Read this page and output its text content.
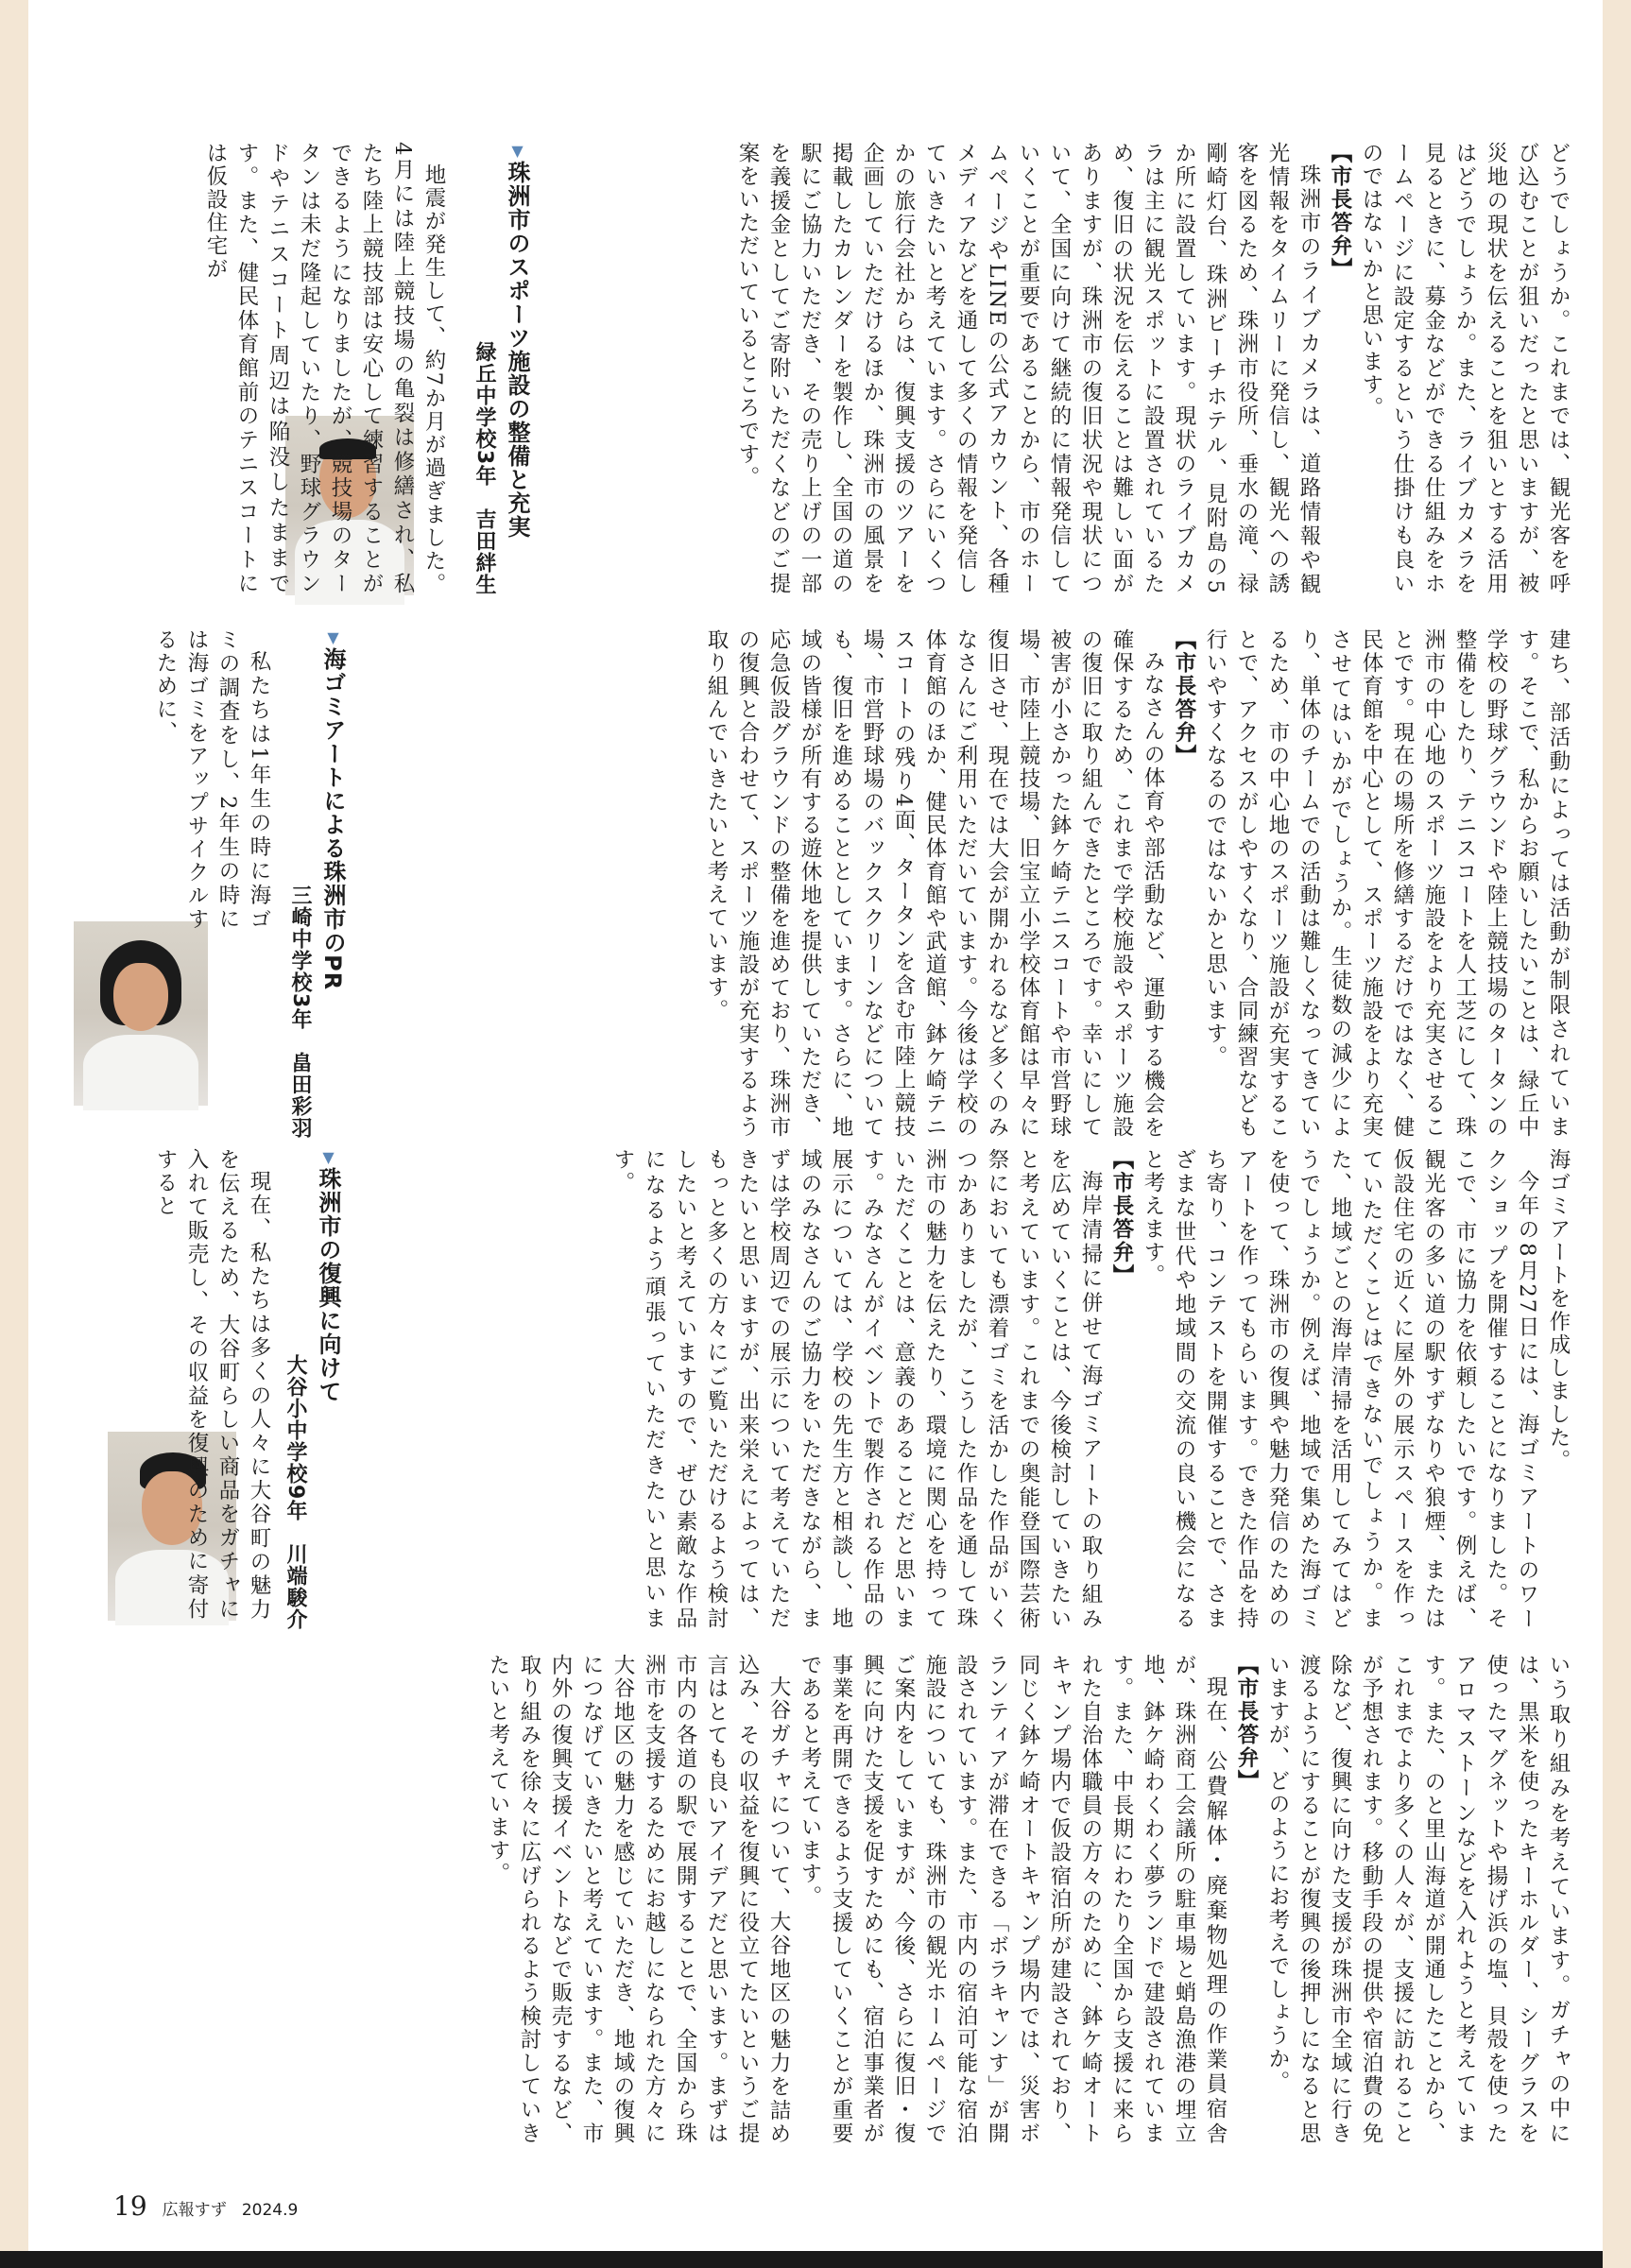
どうでしょうか。これまでは、観光客を呼び込むことが狙いだったと思いますが、被災地の現状を伝えることを狙いとする活用はどうでしょうか。また、ライブカメラを見るときに、募金などができる仕組みをホームページに設定するという仕掛けも良いのではないかと思います。

【市長答弁】

珠洲市のライブカメラは、道路情報や観光情報をタイムリーに発信し、観光への誘客を図るため、珠洲市役所、垂水の滝、禄剛崎灯台、珠洲ビーチホテル、見附島の5か所に設置しています。現状のライブカメラは主に観光スポットに設置されているため、復旧の状況を伝えることは難しい面がありますが、珠洲市の復旧状況や現状について、全国に向けて継続的に情報発信していくことが重要であることから、市のホームページやLINEの公式アカウント、各種メディアなどを通して多くの情報を発信していきたいと考えています。さらにいくつかの旅行会社からは、復興支援のツアーを企画していただけるほか、珠洲市の風景を掲載したカレンダーを製作し、全国の道の駅にご協力いただき、その売り上げの一部を義援金としてご寄附いただくなどのご提案をいただいているところです。

▼珠洲市のスポーツ施設の整備と充実
緑丘中学校3年　吉田絆生

地震が発生して、約7か月が過ぎました。4月には陸上競技場の亀裂は修繕され、私たち陸上競技部は安心して練習することができるようになりましたが、競技場のタータンは未だ隆起していたり、野球グラウンドやテニスコート周辺は陥没したままです。また、健民体育館前のテニスコートには仮設住宅が

建ち、部活動によっては活動が制限されています。そこで、私からお願いしたいことは、緑丘中学校の野球グラウンドや陸上競技場のタータンの整備をしたり、テニスコートを人工芝にして、珠洲市の中心地のスポーツ施設をより充実させることです。現在の場所を修繕するだけではなく、健民体育館を中心として、スポーツ施設をより充実させてはいかがでしょうか。生徒数の減少により、単体のチームでの活動は難しくなってきているため、市の中心地のスポーツ施設が充実することで、アクセスがしやすくなり、合同練習なども行いやすくなるのではないかと思います。

【市長答弁】

みなさんの体育や部活動など、運動する機会を確保するため、これまで学校施設やスポーツ施設の復旧に取り組んできたところです。幸いにして被害が小さかった鉢ケ崎テニスコートや市営野球場、市陸上競技場、旧宝立小学校体育館は早々に復旧させ、現在では大会が開かれるなど多くのみなさんにご利用いただいています。今後は学校の体育館のほか、健民体育館や武道館、鉢ケ崎テニスコートの残り4面、タータンを含む市陸上競技場、市営野球場のバックスクリーンなどについても、復旧を進めることとしています。さらに、地域の皆様が所有する遊休地を提供していただき、応急仮設グラウンドの整備を進めており、珠洲市の復興と合わせて、スポーツ施設が充実するよう取り組んでいきたいと考えています。

▼海ゴミアートによる珠洲市のPR
三崎中学校3年　畠田彩羽

私たちは1年生の時に海ゴミの調査をし、2年生の時には海ゴミをアップサイクルするために、

海ゴミアートを作成しました。

今年の8月27日には、海ゴミアートのワークショップを開催することになりました。そこで、市に協力を依頼したいです。例えば、観光客の多い道の駅すずなりや狼煙、または仮設住宅の近くに屋外の展示スペースを作っていただくことはできないでしょうか。また、地域ごとの海岸清掃を活用してみてはどうでしょうか。例えば、地域で集めた海ゴミを使って、珠洲市の復興や魅力発信のためのアートを作ってもらいます。できた作品を持ち寄り、コンテストを開催することで、さまざまな世代や地域間の交流の良い機会になると考えます。

【市長答弁】

海岸清掃に併せて海ゴミアートの取り組みを広めていくことは、今後検討していきたいと考えています。これまでの奥能登国際芸術祭においても漂着ゴミを活かした作品がいくつかありましたが、こうした作品を通して珠洲市の魅力を伝えたり、環境に関心を持っていただくことは、意義のあることだと思います。みなさんがイベントで製作される作品の展示については、学校の先生方と相談し、地域のみなさんのご協力をいただきながら、まずは学校周辺での展示について考えていただきたいと思いますが、出来栄えによっては、もっと多くの方々にご覧いただけるよう検討したいと考えていますので、ぜひ素敵な作品になるよう頑張っていただきたいと思います。

▼珠洲市の復興に向けて
大谷小中学校9年　川端駿介

現在、私たちは多くの人々に大谷町の魅力を伝えるため、大谷町らしい商品をガチャに入れて販売し、その収益を復興のために寄付すると

いう取り組みを考えています。ガチャの中には、黒米を使ったキーホルダー、シーグラスを使ったマグネットや揚げ浜の塩、貝殻を使ったアロマストーンなどを入れようと考えています。また、のと里山海道が開通したことから、これまでより多くの人々が、支援に訪れることが予想されます。移動手段の提供や宿泊費の免除など、復興に向けた支援が珠洲市全域に行き渡るようにすることが復興の後押しになると思いますが、どのようにお考えでしょうか。

【市長答弁】

現在、公費解体・廃棄物処理の作業員宿舎が、珠洲商工会議所の駐車場と蛸島漁港の埋立地、鉢ケ崎わくわく夢ランドで建設されています。また、中長期にわたり全国から支援に来られた自治体職員の方々のために、鉢ケ崎オートキャンプ場内で仮設宿泊所が建設されており、同じく鉢ケ崎オートキャンプ場内では、災害ボランティアが滞在できる「ボラキャンす」が開設されています。また、市内の宿泊可能な宿泊施設についても、珠洲市の観光ホームページでご案内をしていますが、今後、さらに復旧・復興に向けた支援を促すためにも、宿泊事業者が事業を再開できるよう支援していくことが重要であると考えています。

大谷ガチャについて、大谷地区の魅力を詰め込み、その収益を復興に役立てたいというご提言はとても良いアイデアだと思います。まずは市内の各道の駅で展開することで、全国から珠洲市を支援するためにお越しになられた方々に大谷地区の魅力を感じていただき、地域の復興につなげていきたいと考えています。また、市内外の復興支援イベントなどで販売するなど、取り組みを徐々に広げられるよう検討していきたいと考えています。

19 広報すず 2024.9
